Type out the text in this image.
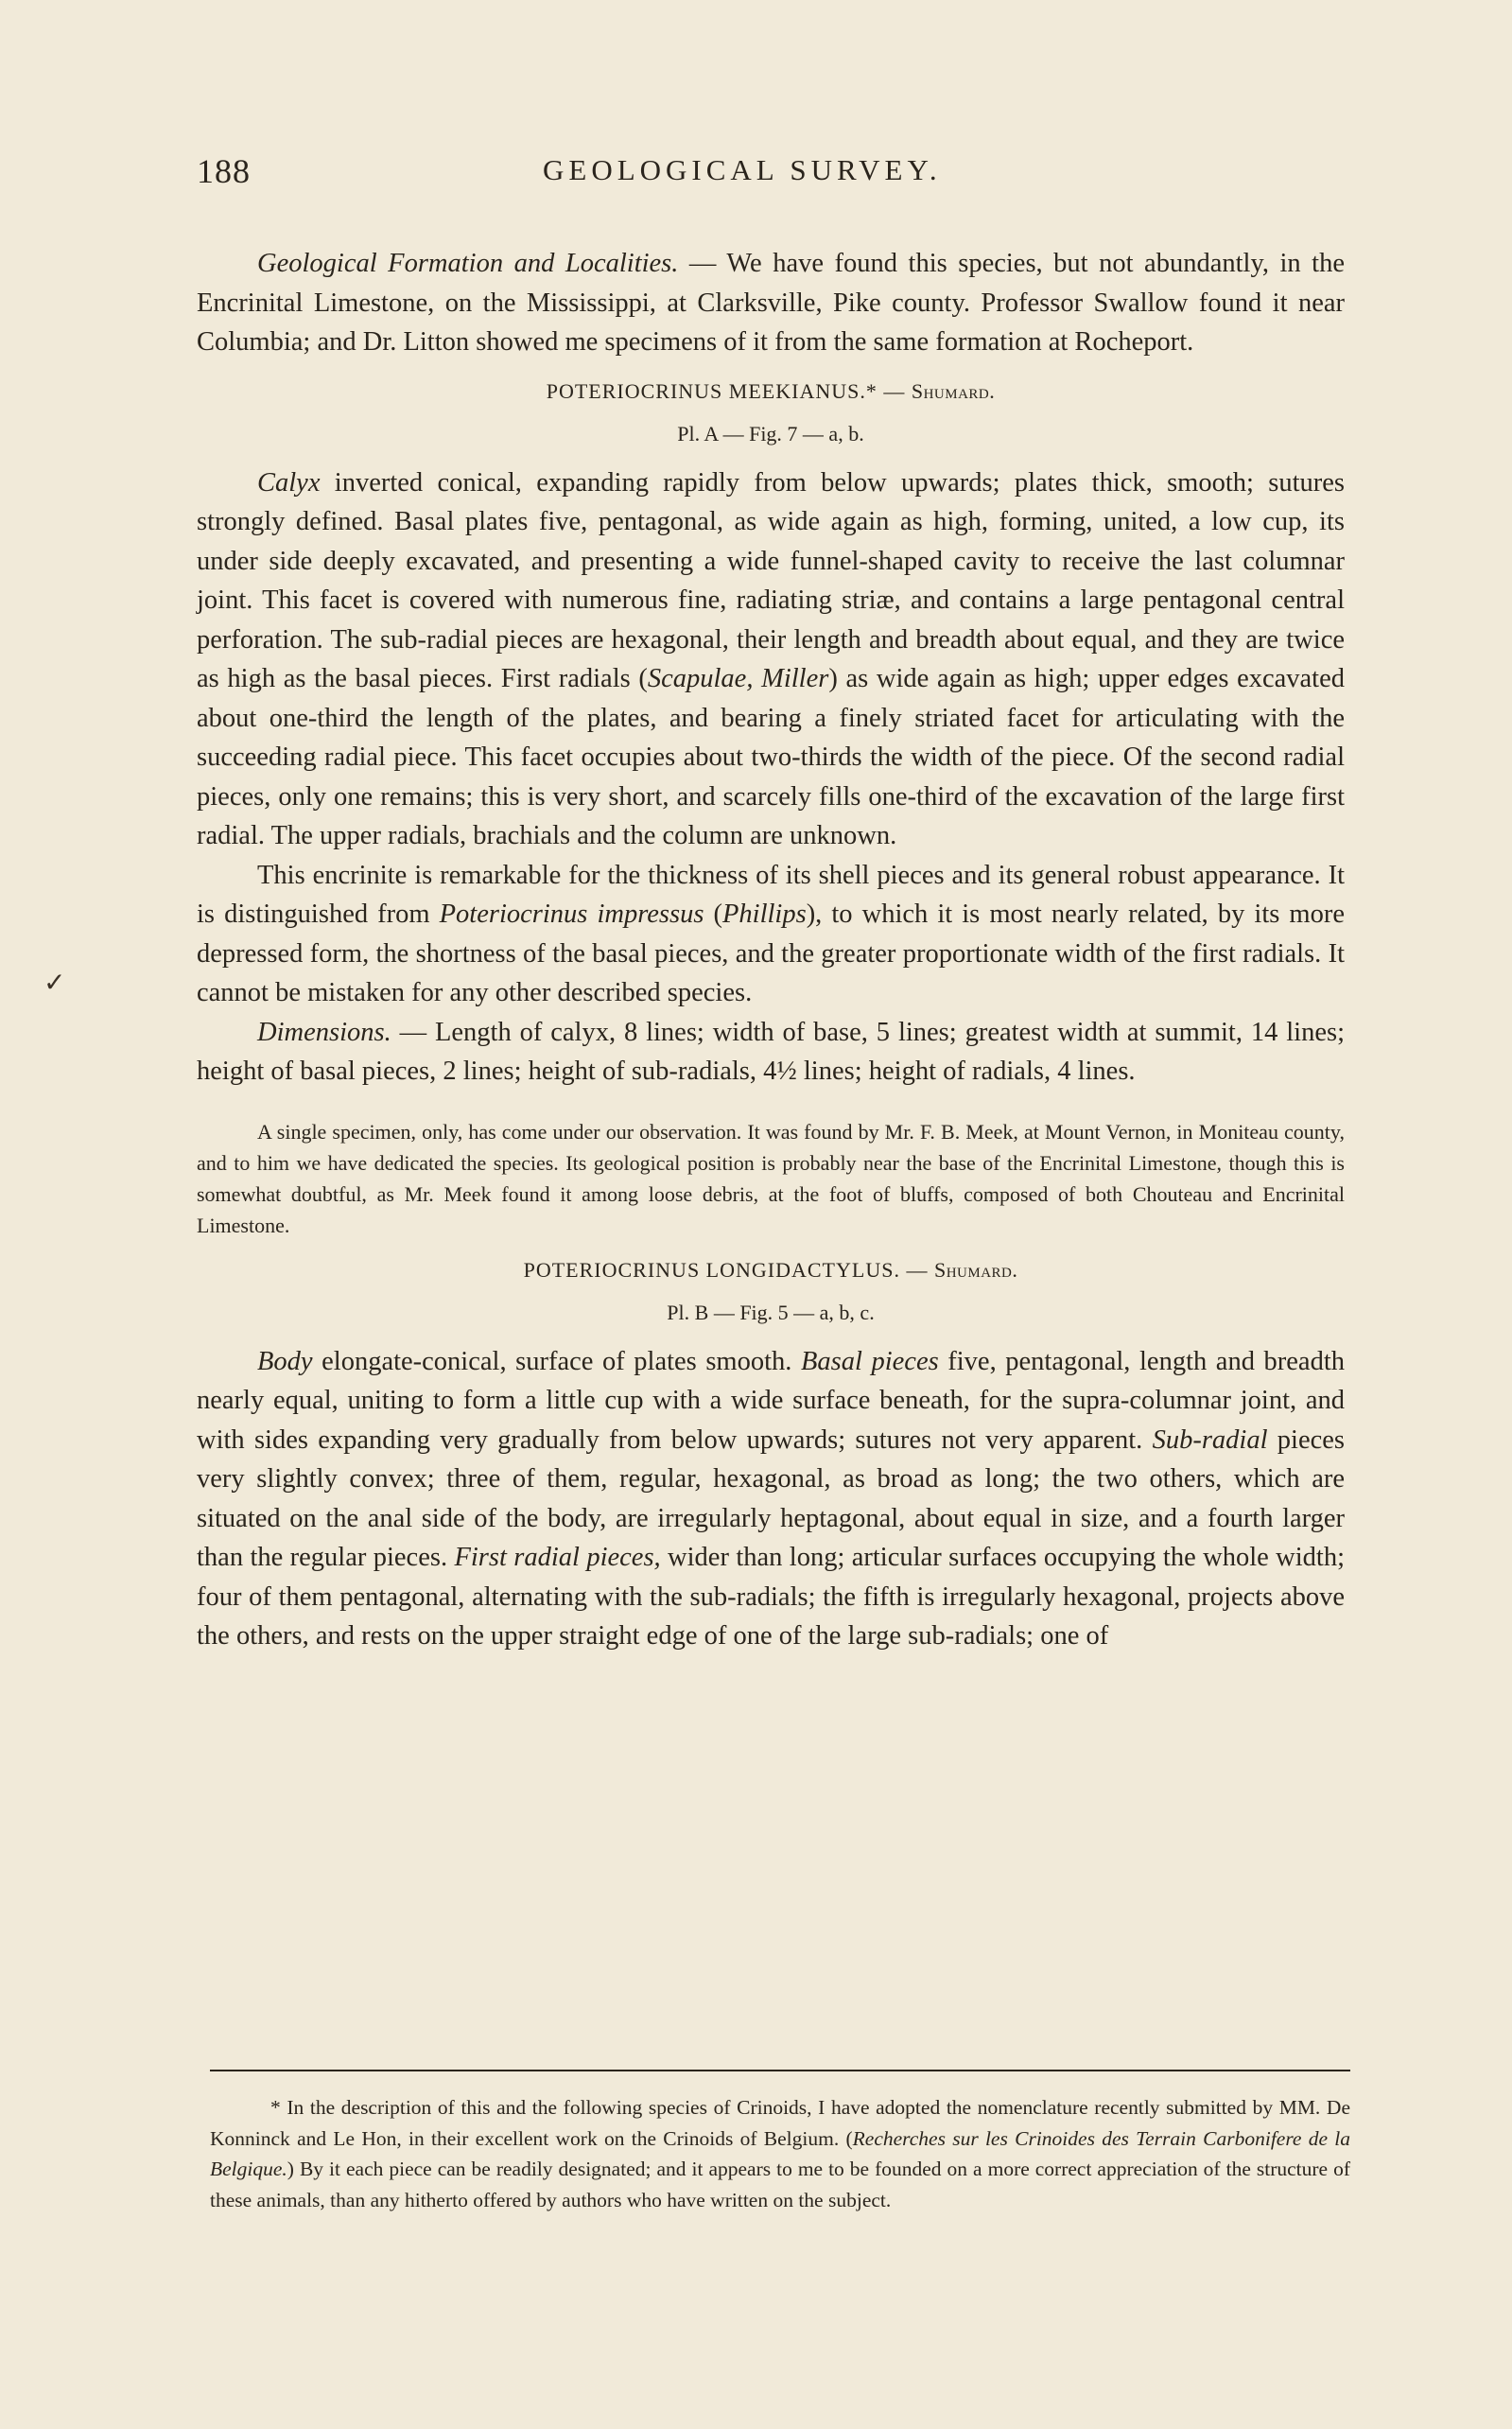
188	GEOLOGICAL SURVEY.
✓

Geological Formation and Localities. — We have found this species, but not abundantly, in the Encrinital Limestone, on the Mississippi, at Clarksville, Pike county. Professor Swallow found it near Columbia; and Dr. Litton showed me specimens of it from the same formation at Rocheport.

POTERIOCRINUS MEEKIANUS.* — Shumard.

Pl. A — Fig. 7 — a, b.

Calyx inverted conical, expanding rapidly from below upwards; plates thick, smooth; sutures strongly defined. Basal plates five, pentagonal, as wide again as high, forming, united, a low cup, its under side deeply excavated, and presenting a wide funnel-shaped cavity to receive the last columnar joint. This facet is covered with numerous fine, radiating striæ, and contains a large pentagonal central perforation. The sub-radial pieces are hexagonal, their length and breadth about equal, and they are twice as high as the basal pieces. First radials (Scapulae, Miller) as wide again as high; upper edges excavated about one-third the length of the plates, and bearing a finely striated facet for articulating with the succeeding radial piece. This facet occupies about two-thirds the width of the piece. Of the second radial pieces, only one remains; this is very short, and scarcely fills one-third of the excavation of the large first radial. The upper radials, brachials and the column are unknown.

This encrinite is remarkable for the thickness of its shell pieces and its general robust appearance. It is distinguished from Poteriocrinus impressus (Phillips), to which it is most nearly related, by its more depressed form, the shortness of the basal pieces, and the greater proportionate width of the first radials. It cannot be mistaken for any other described species.

Dimensions. — Length of calyx, 8 lines; width of base, 5 lines; greatest width at summit, 14 lines; height of basal pieces, 2 lines; height of sub-radials, 4½ lines; height of radials, 4 lines.

A single specimen, only, has come under our observation. It was found by Mr. F. B. Meek, at Mount Vernon, in Moniteau county, and to him we have dedicated the species. Its geological position is probably near the base of the Encrinital Limestone, though this is somewhat doubtful, as Mr. Meek found it among loose debris, at the foot of bluffs, composed of both Chouteau and Encrinital Limestone.

POTERIOCRINUS LONGIDACTYLUS. — Shumard.

Pl. B — Fig. 5 — a, b, c.

Body elongate-conical, surface of plates smooth. Basal pieces five, pentagonal, length and breadth nearly equal, uniting to form a little cup with a wide surface beneath, for the supra-columnar joint, and with sides expanding very gradually from below upwards; sutures not very apparent. Sub-radial pieces very slightly convex; three of them, regular, hexagonal, as broad as long; the two others, which are situated on the anal side of the body, are irregularly heptagonal, about equal in size, and a fourth larger than the regular pieces. First radial pieces, wider than long; articular surfaces occupying the whole width; four of them pentagonal, alternating with the sub-radials; the fifth is irregularly hexagonal, projects above the others, and rests on the upper straight edge of one of the large sub-radials; one of

* In the description of this and the following species of Crinoids, I have adopted the nomenclature recently submitted by MM. De Konninck and Le Hon, in their excellent work on the Crinoids of Belgium. (Recherches sur les Crinoides des Terrain Carbonifere de la Belgique.) By it each piece can be readily designated; and it appears to me to be founded on a more correct appreciation of the structure of these animals, than any hitherto offered by authors who have written on the subject.
